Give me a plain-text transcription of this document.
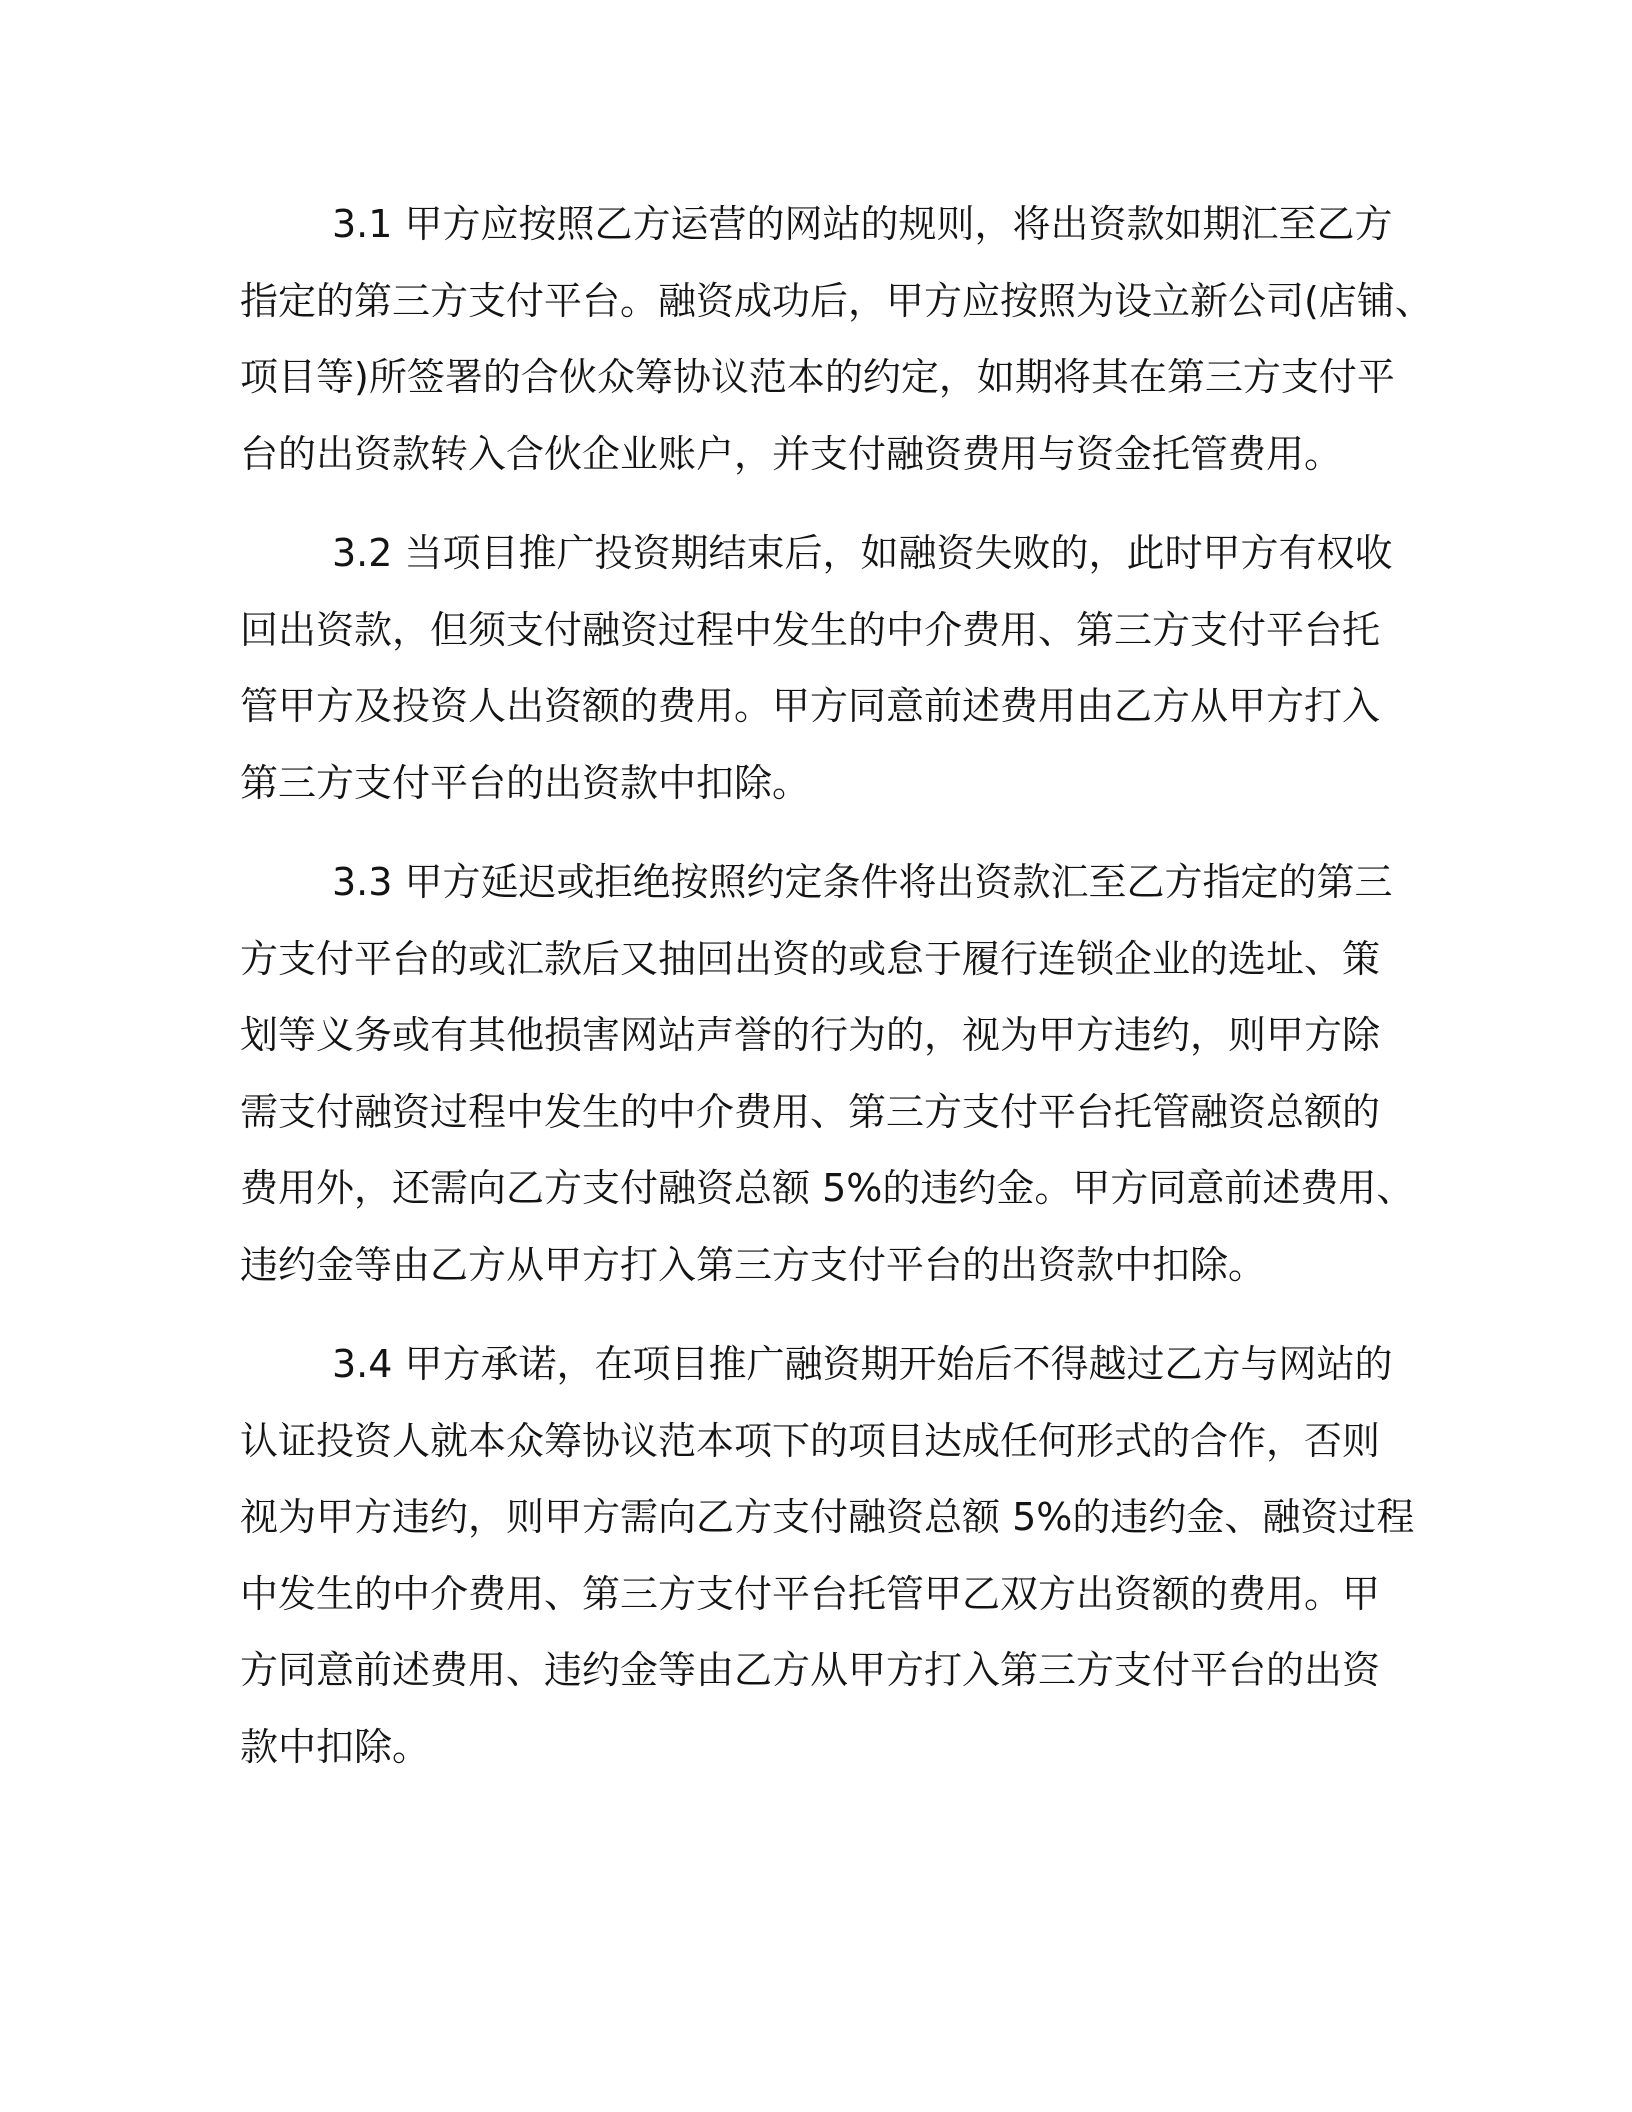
3.1 甲方应按照乙方运营的网站的规则，将出资款如期汇至乙方
指定的第三方支付平台。融资成功后，甲方应按照为设立新公司(店铺、
项目等)所签署的合伙众筹协议范本的约定，如期将其在第三方支付平
台的出资款转入合伙企业账户，并支付融资费用与资金托管费用。
3.2 当项目推广投资期结束后，如融资失败的，此时甲方有权收
回出资款，但须支付融资过程中发生的中介费用、第三方支付平台托
管甲方及投资人出资额的费用。甲方同意前述费用由乙方从甲方打入
第三方支付平台的出资款中扣除。
3.3 甲方延迟或拒绝按照约定条件将出资款汇至乙方指定的第三
方支付平台的或汇款后又抽回出资的或怠于履行连锁企业的选址、策
划等义务或有其他损害网站声誉的行为的，视为甲方违约，则甲方除
需支付融资过程中发生的中介费用、第三方支付平台托管融资总额的
费用外，还需向乙方支付融资总额 5%的违约金。甲方同意前述费用、
违约金等由乙方从甲方打入第三方支付平台的出资款中扣除。
3.4 甲方承诺，在项目推广融资期开始后不得越过乙方与网站的
认证投资人就本众筹协议范本项下的项目达成任何形式的合作，否则
视为甲方违约，则甲方需向乙方支付融资总额 5%的违约金、融资过程
中发生的中介费用、第三方支付平台托管甲乙双方出资额的费用。甲
方同意前述费用、违约金等由乙方从甲方打入第三方支付平台的出资
款中扣除。
